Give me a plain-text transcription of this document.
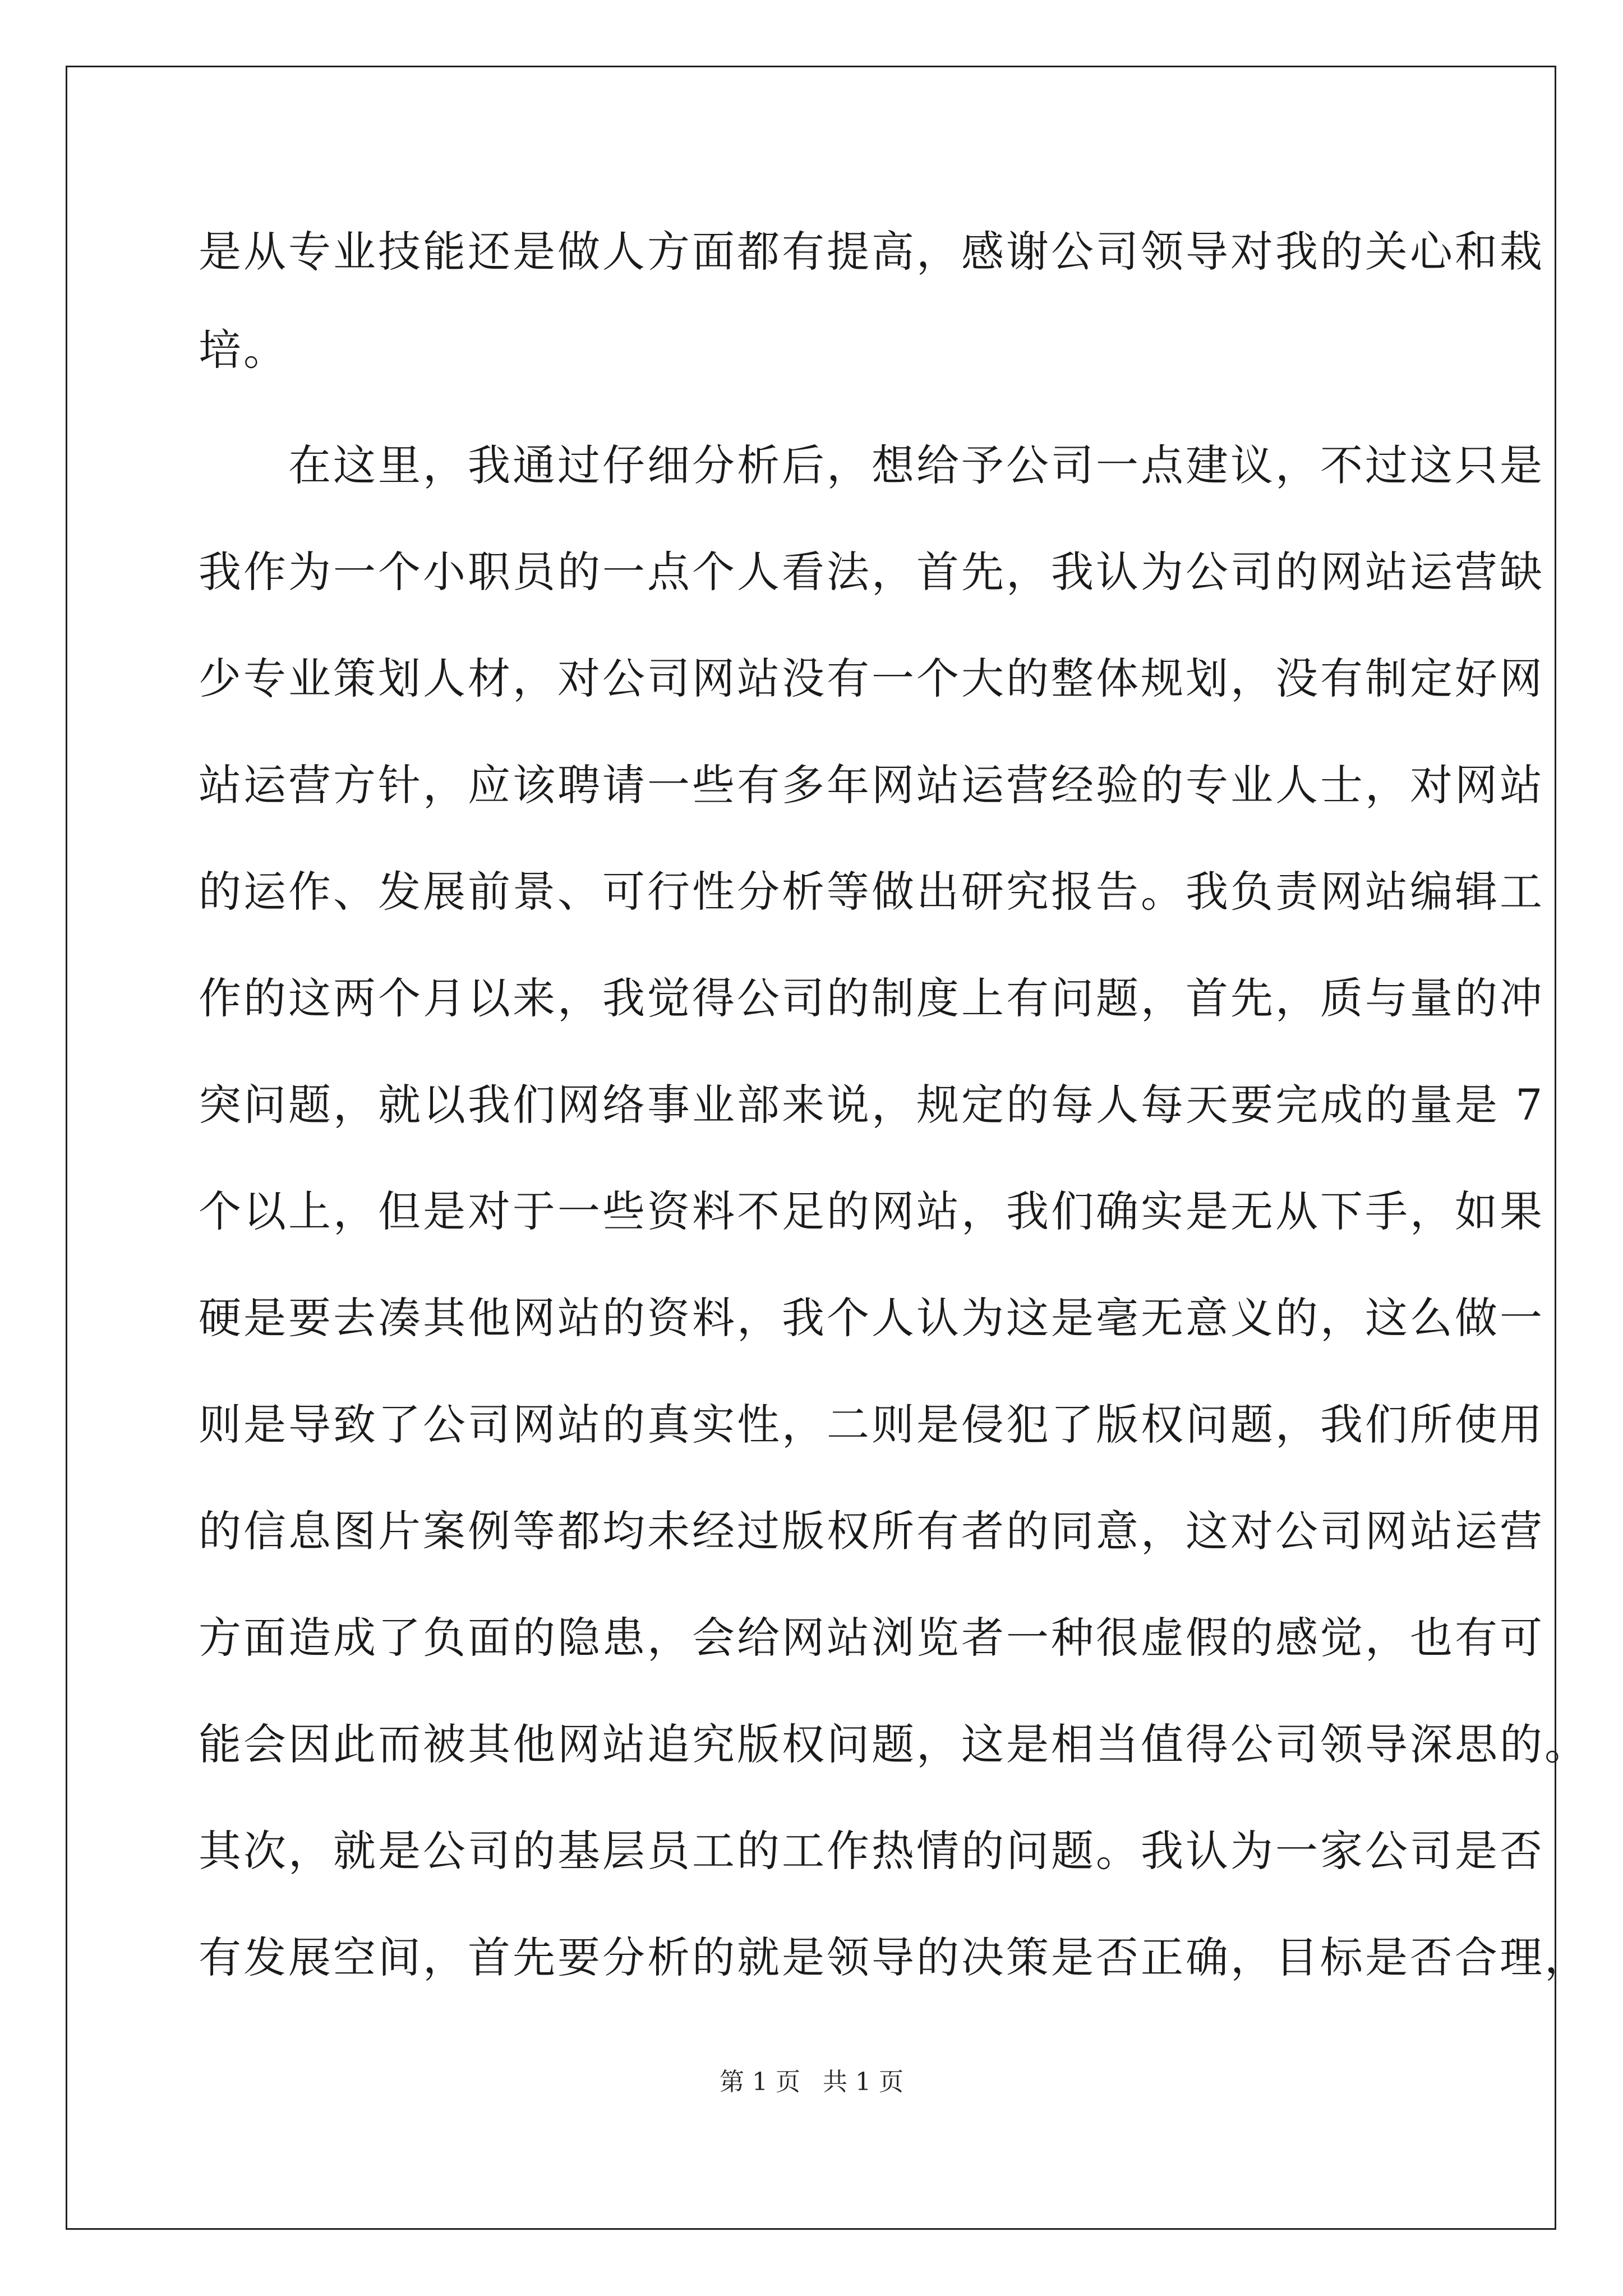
是从专业技能还是做人方面都有提高，感谢公司领导对我的关心和栽
培。
　　在这里，我通过仔细分析后，想给予公司一点建议，不过这只是
我作为一个小职员的一点个人看法，首先，我认为公司的网站运营缺
少专业策划人材，对公司网站没有一个大的整体规划，没有制定好网
站运营方针，应该聘请一些有多年网站运营经验的专业人士，对网站
的运作、发展前景、可行性分析等做出研究报告。我负责网站编辑工
作的这两个月以来，我觉得公司的制度上有问题，首先，质与量的冲
突问题，就以我们网络事业部来说，规定的每人每天要完成的量是 7
个以上，但是对于一些资料不足的网站，我们确实是无从下手，如果
硬是要去凑其他网站的资料，我个人认为这是毫无意义的，这么做一
则是导致了公司网站的真实性，二则是侵犯了版权问题，我们所使用
的信息图片案例等都均未经过版权所有者的同意，这对公司网站运营
方面造成了负面的隐患，会给网站浏览者一种很虚假的感觉，也有可
能会因此而被其他网站追究版权问题，这是相当值得公司领导深思的。
其次，就是公司的基层员工的工作热情的问题。我认为一家公司是否
有发展空间，首先要分析的就是领导的决策是否正确，目标是否合理，
第 1 页 共 1 页
